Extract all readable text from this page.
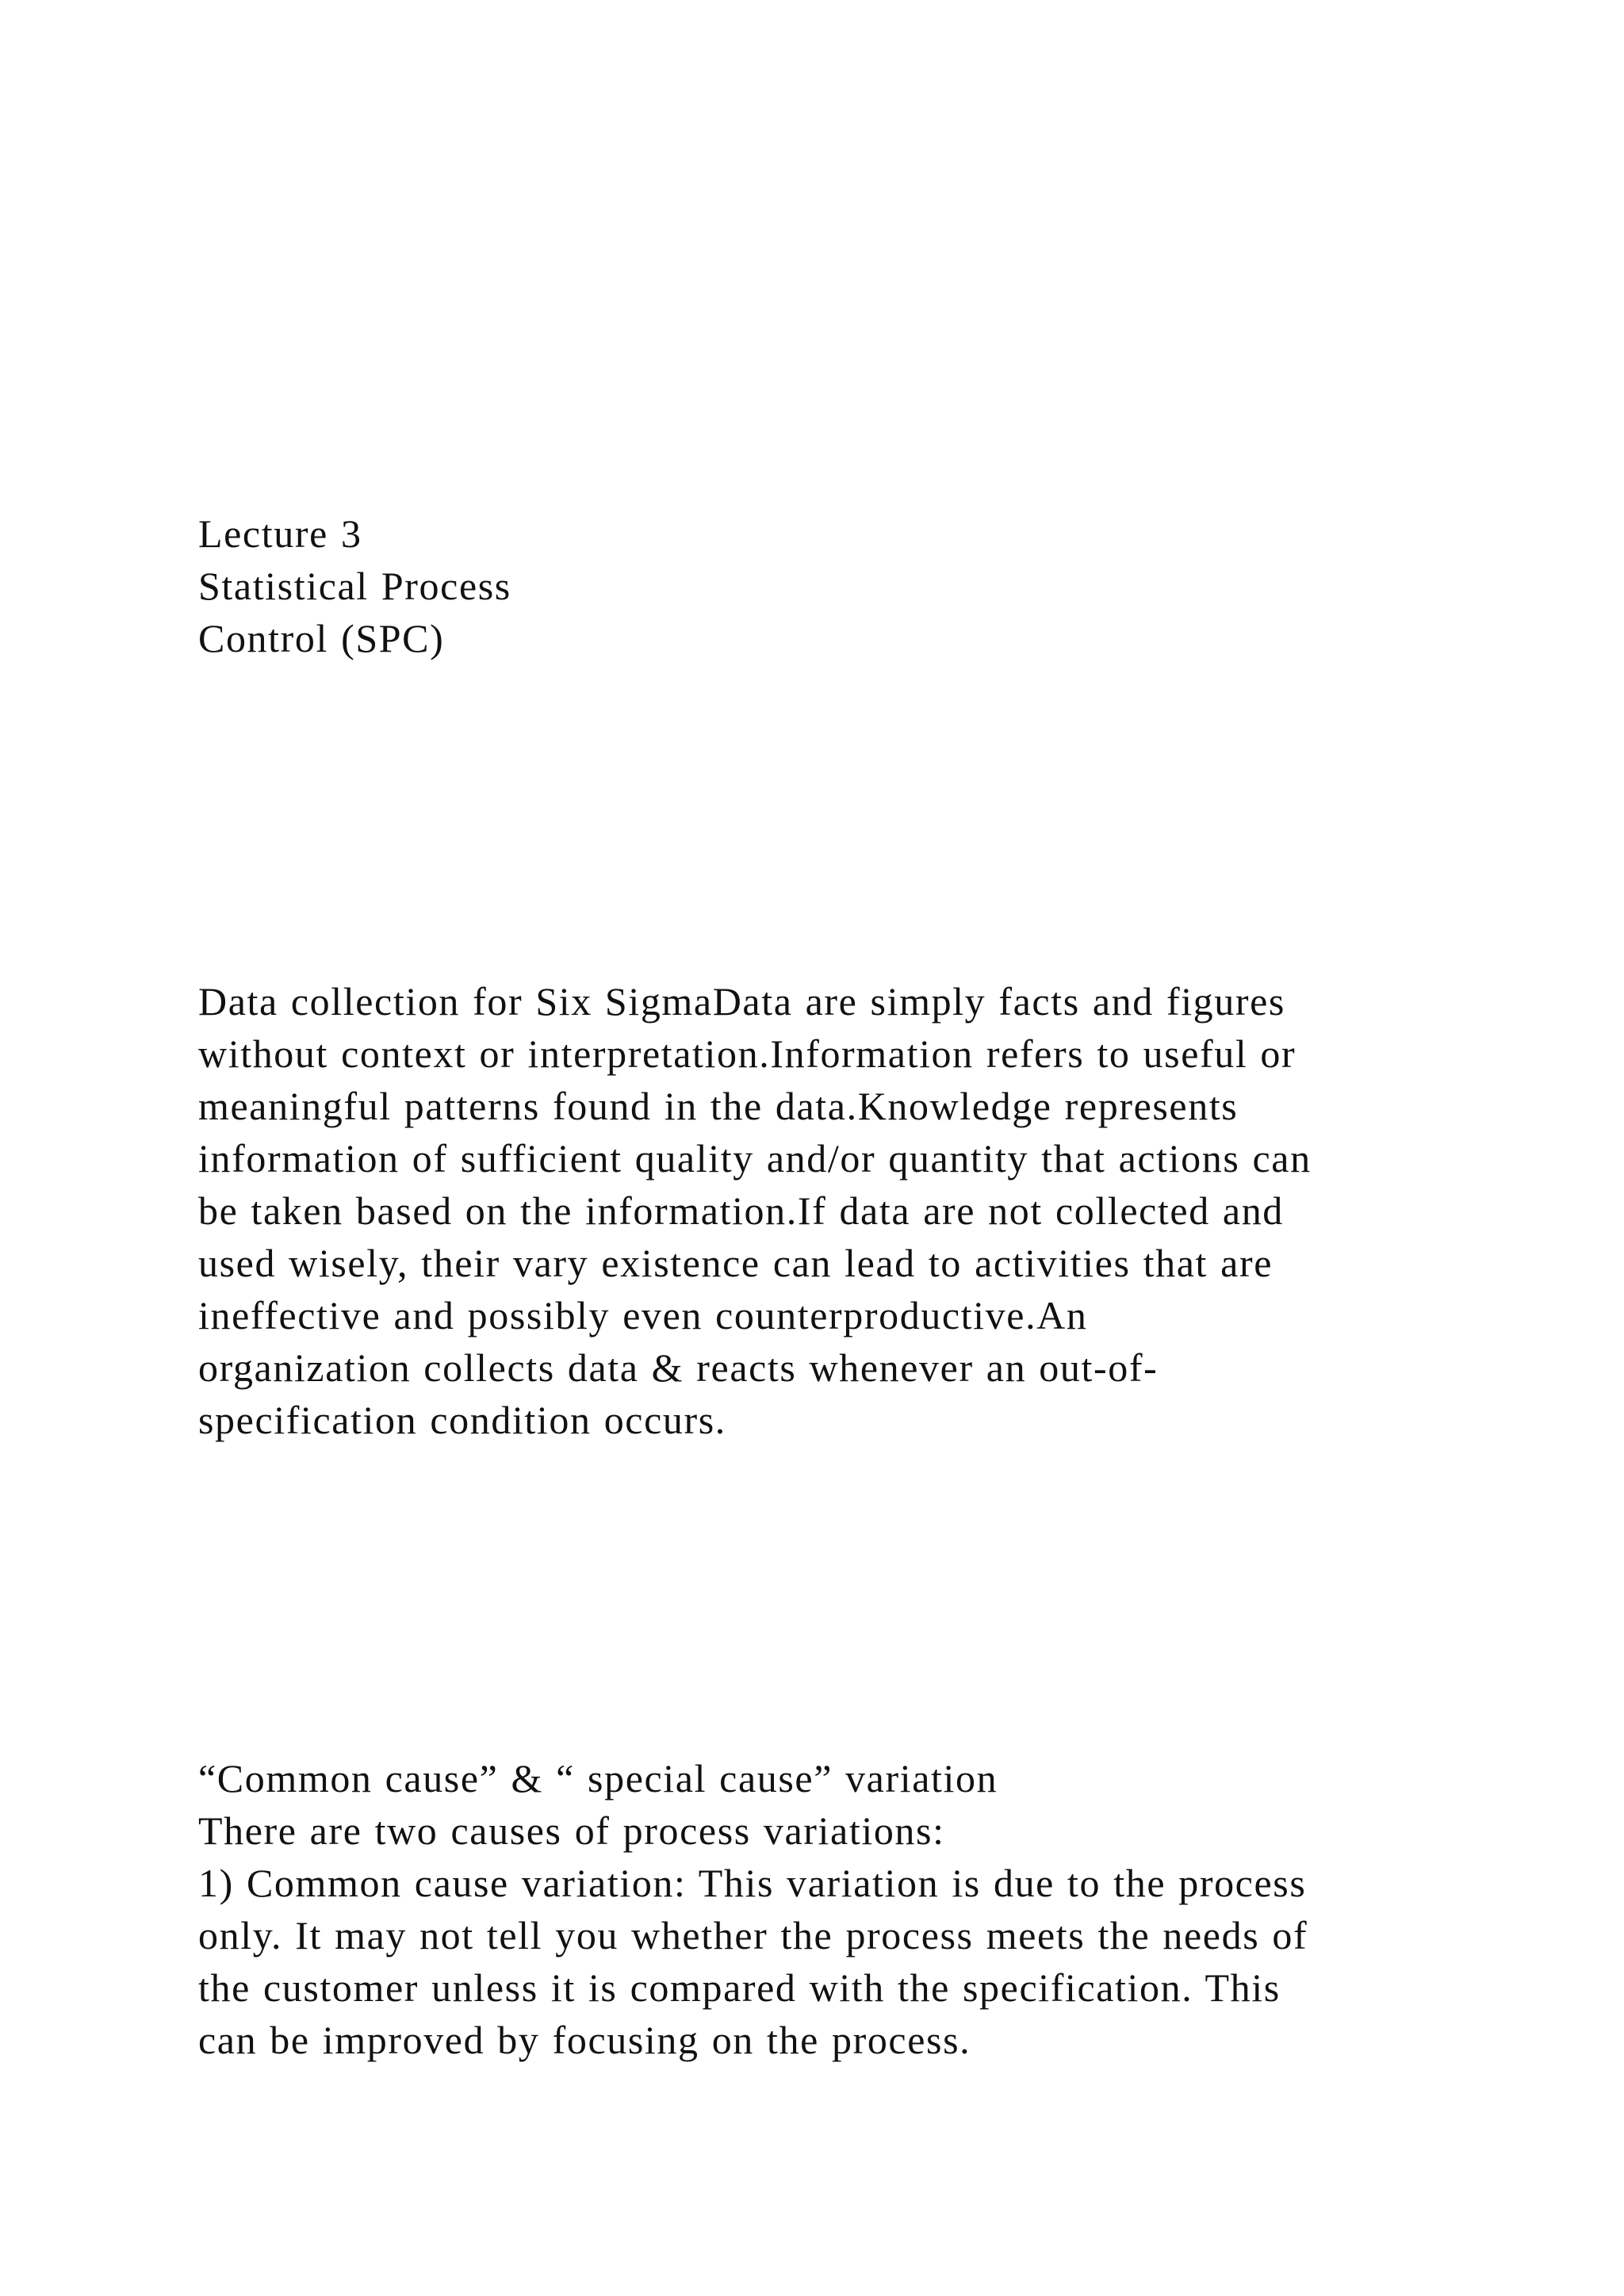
Lecture 3
Statistical Process
Control (SPC)
Data collection for Six SigmaData are simply facts and figures
without context or interpretation.Information refers to useful or
meaningful patterns found in the data.Knowledge represents
information of sufficient quality and/or quantity that actions can
be taken based on the information.If data are not collected and
used wisely, their vary existence can lead to activities that are
ineffective and possibly even counterproductive.An
organization collects data & reacts whenever an out-of-
specification condition occurs.
“Common cause” & “ special cause” variation
There are two causes of process variations:
1) Common cause variation: This variation is due to the process
only. It may not tell you whether the process meets the needs of
the customer unless it is compared with the specification. This
can be improved by focusing on the process.
